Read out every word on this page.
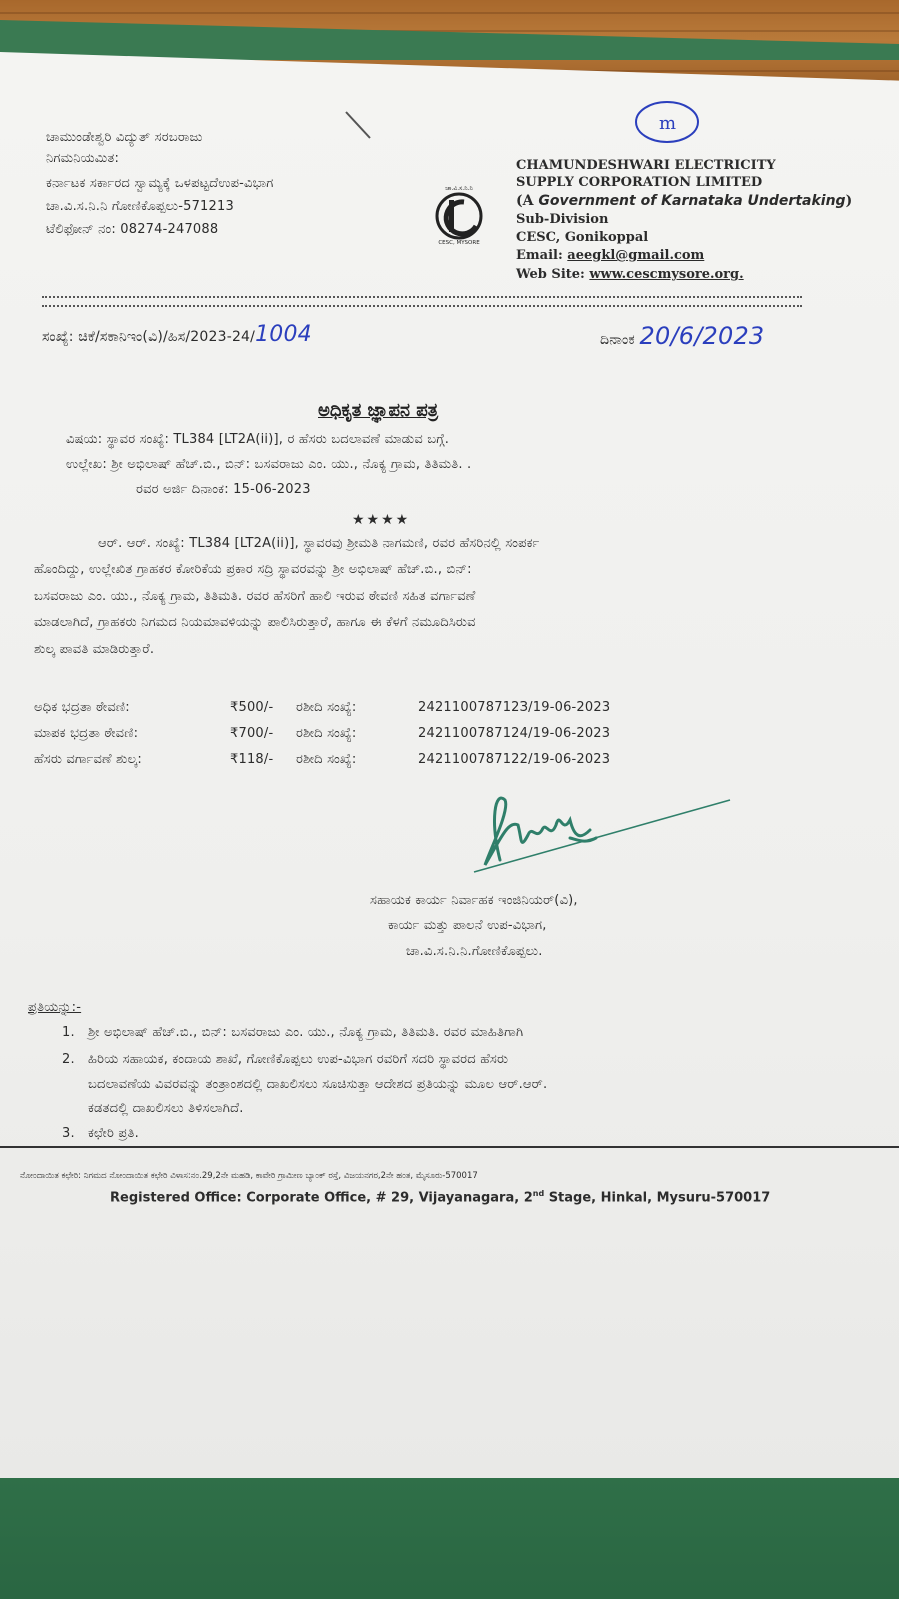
m
ಚಾಮುಂಡೇಶ್ವರಿ ವಿದ್ಯುತ್ ಸರಬರಾಜು
ನಿಗಮನಿಯಮಿತ:
ಕರ್ನಾಟಕ ಸರ್ಕಾರದ ಸ್ವಾಮ್ಯಕ್ಕೆ ಒಳಪಟ್ಟದೆಉಪ-ವಿಭಾಗ
ಚಾ.ವಿ.ಸ.ನಿ.ನಿ ಗೋಣಿಕೊಪ್ಪಲು-571213
ಟೆಲಿಫೋನ್ ನಂ: 08274-247088
ಚಾ.ವಿ.ಸ.ನಿ.ನಿ
CESC, MYSORE
CHAMUNDESHWARI ELECTRICITY
SUPPLY CORPORATION LIMITED
(A Government of Karnataka Undertaking)
Sub-Division
CESC, Gonikoppal
Email: aeegkl@gmail.com
Web Site: www.cescmysore.org.
ಸಂಖ್ಯೆ: ಚಿಕೆ/ಸಕಾನಿಇಂ(ವಿ)/ಹಿಸ/2023-24/1004	ದಿನಾಂಕ 20/6/2023
ಅಧಿಕೃತ ಜ್ಞಾಪನ ಪತ್ರ
ವಿಷಯ: ಸ್ಥಾವರ ಸಂಖ್ಯೆ: TL384 [LT2A(ii)], ರ ಹೆಸರು ಬದಲಾವಣೆ ಮಾಡುವ ಬಗ್ಗೆ.
ಉಲ್ಲೇಖ: ಶ್ರೀ ಅಭಿಲಾಷ್ ಹೆಚ್.ಬಿ., ಬಿನ್: ಬಸವರಾಜು ಎಂ. ಯು., ನೊಕ್ಯ ಗ್ರಾಮ, ತಿತಿಮತಿ. .
ರವರ ಅರ್ಜಿ ದಿನಾಂಕ: 15-06-2023
★★★★
ಆರ್. ಆರ್. ಸಂಖ್ಯೆ: TL384 [LT2A(ii)], ಸ್ಥಾವರವು ಶ್ರೀಮತಿ ನಾಗಮಣಿ, ರವರ ಹೆಸರಿನಲ್ಲಿ ಸಂಪರ್ಕ
ಹೊಂದಿದ್ದು, ಉಲ್ಲೇಖಿತ ಗ್ರಾಹಕರ ಕೋರಿಕೆಯ ಪ್ರಕಾರ ಸದ್ರಿ ಸ್ಥಾವರವನ್ನು ಶ್ರೀ ಅಭಿಲಾಷ್ ಹೆಚ್.ಬಿ., ಬಿನ್:
ಬಸವರಾಜು ಎಂ. ಯು., ನೊಕ್ಯ ಗ್ರಾಮ, ತಿತಿಮತಿ. ರವರ ಹೆಸರಿಗೆ ಹಾಲಿ ಇರುವ ಠೇವಣಿ ಸಹಿತ ವರ್ಗಾವಣೆ
ಮಾಡಲಾಗಿದೆ, ಗ್ರಾಹಕರು ನಿಗಮದ ನಿಯಮಾವಳಿಯನ್ನು ಪಾಲಿಸಿರುತ್ತಾರೆ, ಹಾಗೂ ಈ ಕೆಳಗೆ ನಮೂದಿಸಿರುವ
ಶುಲ್ಕ ಪಾವತಿ ಮಾಡಿರುತ್ತಾರೆ.
ಅಧಿಕ ಭದ್ರತಾ ಠೇವಣಿ:	₹500/- ರಶೀದಿ ಸಂಖ್ಯೆ:	242110078712З/19-06-2023
ಮಾಪಕ ಭದ್ರತಾ ಠೇವಣಿ:	₹700/- ರಶೀದಿ ಸಂಖ್ಯೆ:	2421100787124/19-06-2023
ಹೆಸರು ವರ್ಗಾವಣೆ ಶುಲ್ಕ:	₹118/- ರಶೀದಿ ಸಂಖ್ಯೆ:	2421100787122/19-06-2023
ಸಹಾಯಕ ಕಾರ್ಯ ನಿರ್ವಾಹಕ ಇಂಜಿನಿಯರ್(ವಿ),
ಕಾರ್ಯ ಮತ್ತು ಪಾಲನೆ ಉಪ-ವಿಭಾಗ,
ಚಾ.ವಿ.ಸ.ನಿ.ನಿ.ಗೋಣಿಕೊಪ್ಪಲು.
ಪ್ರತಿಯನ್ನು:-
1. ಶ್ರೀ ಅಭಿಲಾಷ್ ಹೆಚ್.ಬಿ., ಬಿನ್: ಬಸವರಾಜು ಎಂ. ಯು., ನೊಕ್ಯ ಗ್ರಾಮ, ತಿತಿಮತಿ. ರವರ ಮಾಹಿತಿಗಾಗಿ
2. ಹಿರಿಯ ಸಹಾಯಕ, ಕಂದಾಯ ಶಾಖೆ, ಗೋಣಿಕೊಪ್ಪಲು ಉಪ-ವಿಭಾಗ ರವರಿಗೆ ಸದರಿ ಸ್ಥಾವರದ ಹೆಸರು
ಬದಲಾವಣೆಯ ವಿವರವನ್ನು ತಂತ್ರಾಂಶದಲ್ಲಿ ದಾಖಲಿಸಲು ಸೂಚಿಸುತ್ತಾ ಆದೇಶದ ಪ್ರತಿಯನ್ನು ಮೂಲ ಆರ್.ಆರ್.
ಕಡತದಲ್ಲಿ ದಾಖಲಿಸಲು ತಿಳಿಸಲಾಗಿದೆ.
3. ಕಛೇರಿ ಪ್ರತಿ.
ನೋಂದಾಯಿತ ಕಛೇರಿ: ನಿಗಮದ ನೋಂದಾಯಿತ ಕಛೇರಿ ವಿಳಾಸ:ನಂ.29,2ನೇ ಮಹಡಿ, ಕಾವೇರಿ ಗ್ರಾಮೀಣ ಬ್ಯಾಂಕ್ ರಸ್ತೆ, ವಿಜಯನಗರ,2ನೇ ಹಂತ, ಮೈಸೂರು-570017
Registered Office: Corporate Office, # 29, Vijayanagara, 2nd Stage, Hinkal, Mysuru-570017
